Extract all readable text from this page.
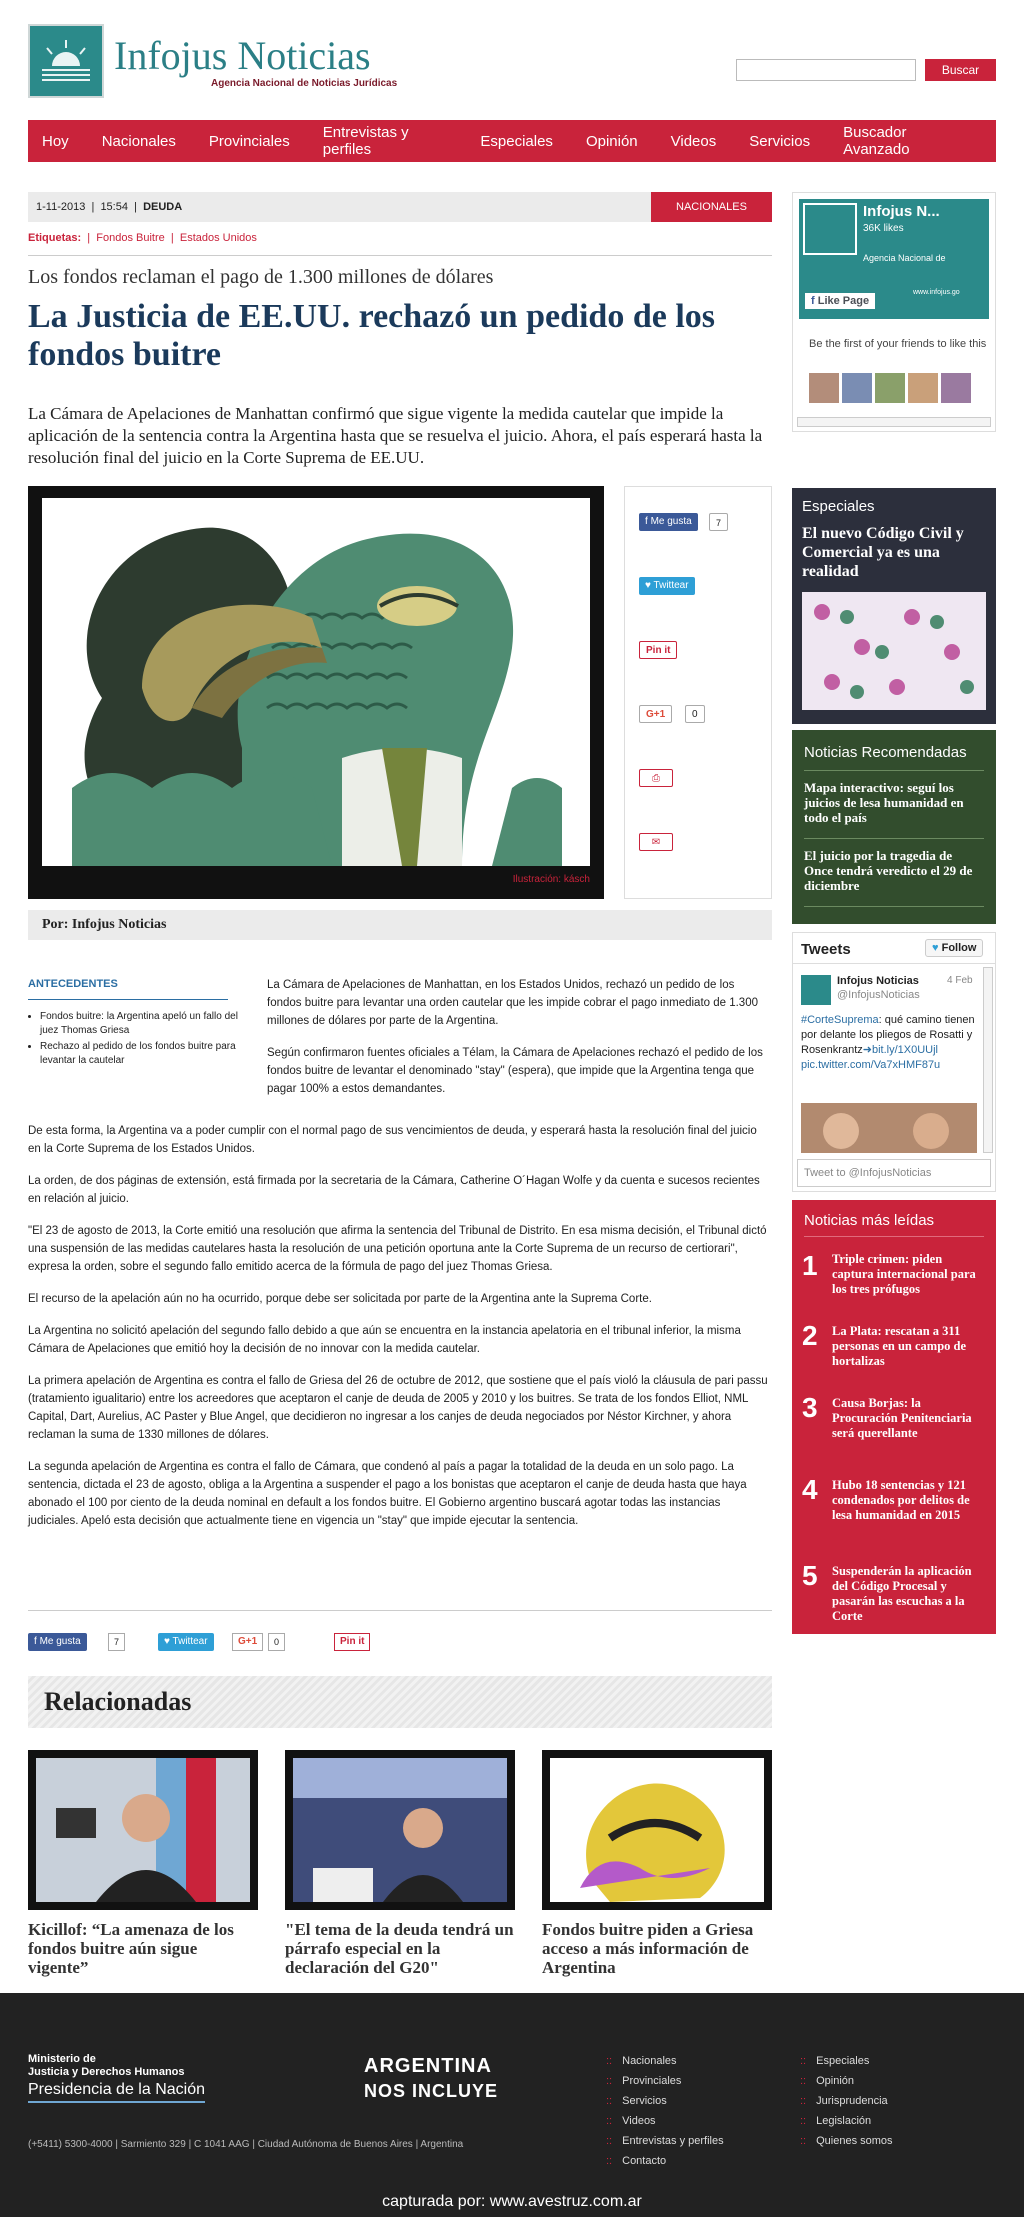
Infojus Noticias
Agencia Nacional de Noticias Jurídicas
Buscar
Hoy Nacionales Provinciales Entrevistas y perfiles	Especiales Opinión Videos Servicios Buscador Avanzado
1-11-2013  |  15:54  |  DEUDA	NACIONALES
Etiquetas:  |  Fondos Buitre  |  Estados Unidos
Los fondos reclaman el pago de 1.300 millones de dólares
La Justicia de EE.UU. rechazó un pedido de los fondos buitre
La Cámara de Apelaciones de Manhattan confirmó que sigue vigente la medida cautelar que impide la aplicación de la sentencia contra la Argentina hasta que se resuelva el juicio. Ahora, el país esperará hasta la resolución final del juicio en la Corte Suprema de EE.UU.
Ilustración: kásch
f Me gusta	7
♥ Twittear
Pin it
G+1	0
⎙
✉
Por: Infojus Noticias
ANTECEDENTES
• Fondos buitre: la Argentina apeló un fallo del juez Thomas Griesa
• Rechazo al pedido de los fondos buitre para levantar la cautelar

La Cámara de Apelaciones de Manhattan, en los Estados Unidos, rechazó un pedido de los fondos buitre para levantar una orden cautelar que les impide cobrar el pago inmediato de 1.300 millones de dólares por parte de la Argentina.

Según confirmaron fuentes oficiales a Télam, la Cámara de Apelaciones rechazó el pedido de los fondos buitre de levantar el denominado "stay" (espera), que impide que la Argentina tenga que pagar 100% a estos demandantes.

De esta forma, la Argentina va a poder cumplir con el normal pago de sus vencimientos de deuda, y esperará hasta la resolución final del juicio en la Corte Suprema de los Estados Unidos.

La orden, de dos páginas de extensión, está firmada por la secretaria de la Cámara, Catherine O´Hagan Wolfe y da cuenta e sucesos recientes en relación al juicio.

"El 23 de agosto de 2013, la Corte emitió una resolución que afirma la sentencia del Tribunal de Distrito. En esa misma decisión, el Tribunal dictó una suspensión de las medidas cautelares hasta la resolución de una petición oportuna ante la Corte Suprema de un recurso de certiorari", expresa la orden, sobre el segundo fallo emitido acerca de la fórmula de pago del juez Thomas Griesa.

El recurso de la apelación aún no ha ocurrido, porque debe ser solicitada por parte de la Argentina ante la Suprema Corte.

La Argentina no solicitó apelación del segundo fallo debido a que aún se encuentra en la instancia apelatoria en el tribunal inferior, la misma Cámara de Apelaciones que emitió hoy la decisión de no innovar con la medida cautelar.

La primera apelación de Argentina es contra el fallo de Griesa del 26 de octubre de 2012, que sostiene que el país violó la cláusula de pari passu (tratamiento igualitario) entre los acreedores que aceptaron el canje de deuda de 2005 y 2010 y los buitres. Se trata de los fondos Elliot, NML Capital, Dart, Aurelius, AC Paster y Blue Angel, que decidieron no ingresar a los canjes de deuda negociados por Néstor Kirchner, y ahora reclaman la suma de 1330 millones de dólares.

La segunda apelación de Argentina es contra el fallo de Cámara, que condenó al país a pagar la totalidad de la deuda en un solo pago. La sentencia, dictada el 23 de agosto, obliga a la Argentina a suspender el pago a los bonistas que aceptaron el canje de deuda hasta que haya abonado el 100 por ciento de la deuda nominal en default a los fondos buitre. El Gobierno argentino buscará agotar todas las instancias judiciales. Apeló esta decisión que actualmente tiene en vigencia un "stay" que impide ejecutar la sentencia.

f Me gusta	7	♥ Twittear	G+1	0	Pin it
Relacionadas
Kicillof: “La amenaza de los fondos buitre aún sigue vigente”
"El tema de la deuda tendrá un párrafo especial en la declaración del G20"
Fondos buitre piden a Griesa acceso a más información de Argentina
Infojus N...
36K likes
Agencia Nacional de
www.infojus.go
f Like Page
Be the first of your friends to like this
Especiales
El nuevo Código Civil y Comercial ya es una realidad
Noticias Recomendadas
Mapa interactivo: seguí los juicios de lesa humanidad en todo el país
El juicio por la tragedia de Once tendrá veredicto el 29 de diciembre
Tweets	♥ Follow
Infojus Noticias	4 Feb
@InfojusNoticias
#CorteSuprema: qué camino tienen por delante los pliegos de Rosatti y Rosenkrantz➜bit.ly/1X0UUjl pic.twitter.com/Va7xHMF87u
Tweet to @InfojusNoticias
Noticias más leídas
1 Triple crimen: piden captura internacional para los tres prófugos
2 La Plata: rescatan a 311 personas en un campo de hortalizas
3 Causa Borjas: la Procuración Penitenciaria será querellante
4 Hubo 18 sentencias y 121 condenados por delitos de lesa humanidad en 2015
5 Suspenderán la aplicación del Código Procesal y pasarán las escuchas a la Corte
Ministerio de
Justicia y Derechos Humanos
Presidencia de la Nación
ARGENTINA
NOS INCLUYE
(+5411) 5300-4000 | Sarmiento 329 | C 1041 AAG | Ciudad Autónoma de Buenos Aires | Argentina
:: Nacionales
:: Provinciales
:: Servicios
:: Videos
:: Entrevistas y perfiles
:: Contacto
:: Especiales
:: Opinión
:: Jurisprudencia
:: Legislación
:: Quienes somos
capturada por: www.avestruz.com.ar
